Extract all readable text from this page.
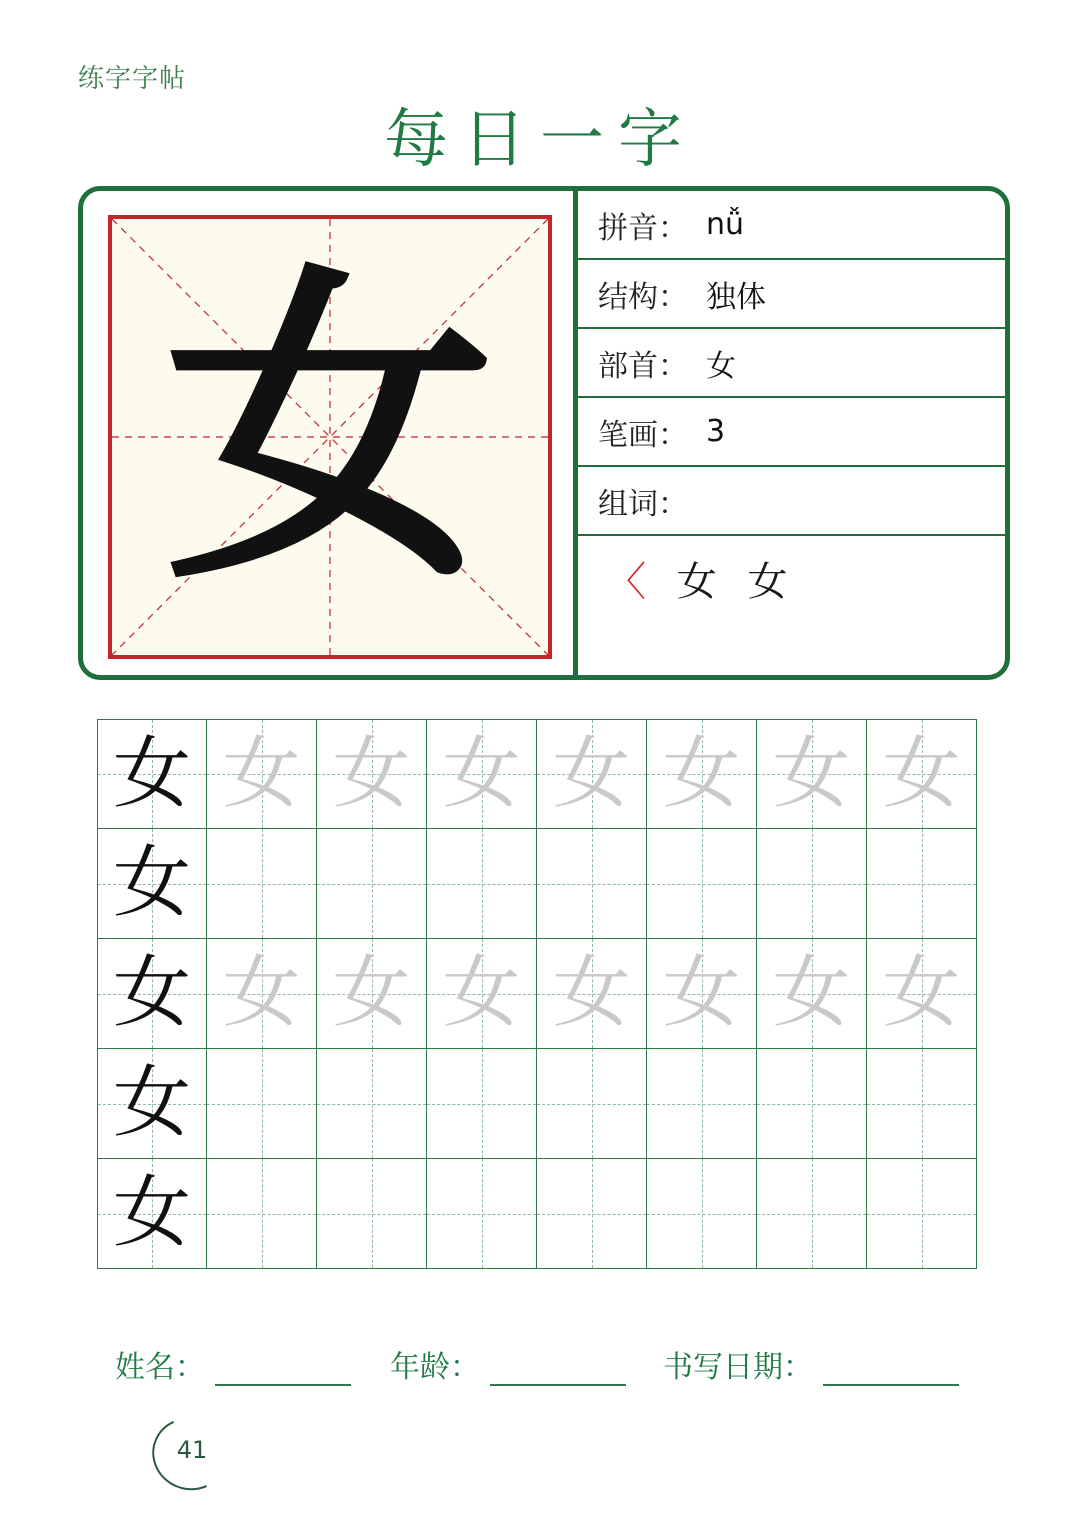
练字字帖
每日一字
女
拼音： nǚ
结构： 独体
部首： 女
笔画： 3
组词：
〈 女 女
女 女 女 女 女 女 女 女
女
女 女 女 女 女 女 女 女
女
女
姓名：	年龄：	书写日期：
41
